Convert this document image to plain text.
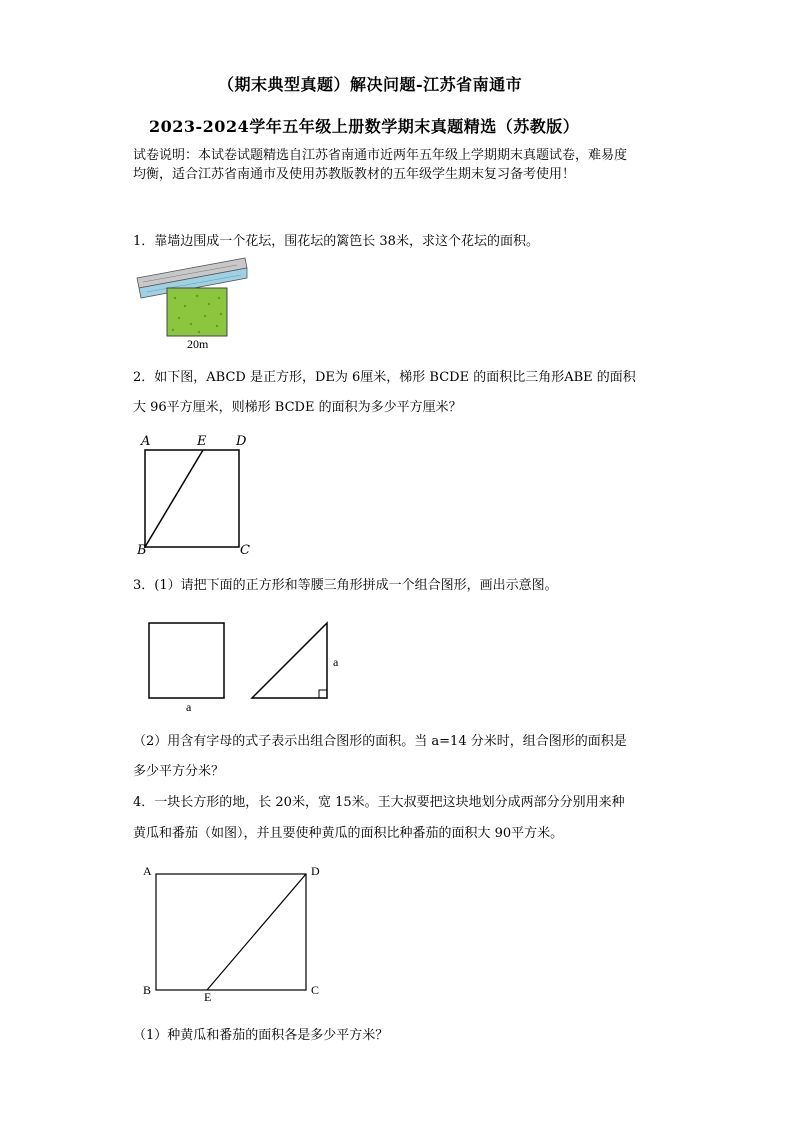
（期末典型真题）解决问题-江苏省南通市
2023-2024学年五年级上册数学期末真题精选（苏教版）
试卷说明：本试卷试题精选自江苏省南通市近两年五年级上学期期末真题试卷，难易度
均衡，适合江苏省南通市及使用苏教版教材的五年级学生期末复习备考使用！
1．靠墙边围成一个花坛，围花坛的篱笆长 38米，求这个花坛的面积。
20m
2．如下图，ABCD 是正方形，DE为 6厘米，梯形 BCDE 的面积比三角形ABE 的面积
大 96平方厘米，则梯形 BCDE 的面积为多少平方厘米？
A	E D
B	C
3．(1）请把下面的正方形和等腰三角形拼成一个组合图形，画出示意图。
a
a
（2）用含有字母的式子表示出组合图形的面积。当 a=14 分米时，组合图形的面积是
多少平方分米？
4．一块长方形的地，长 20米，宽 15米。王大叔要把这块地划分成两部分分别用来种
黄瓜和番茄（如图），并且要使种黄瓜的面积比种番茄的面积大 90平方米。
A	D
B	E	C
（1）种黄瓜和番茄的面积各是多少平方米？
